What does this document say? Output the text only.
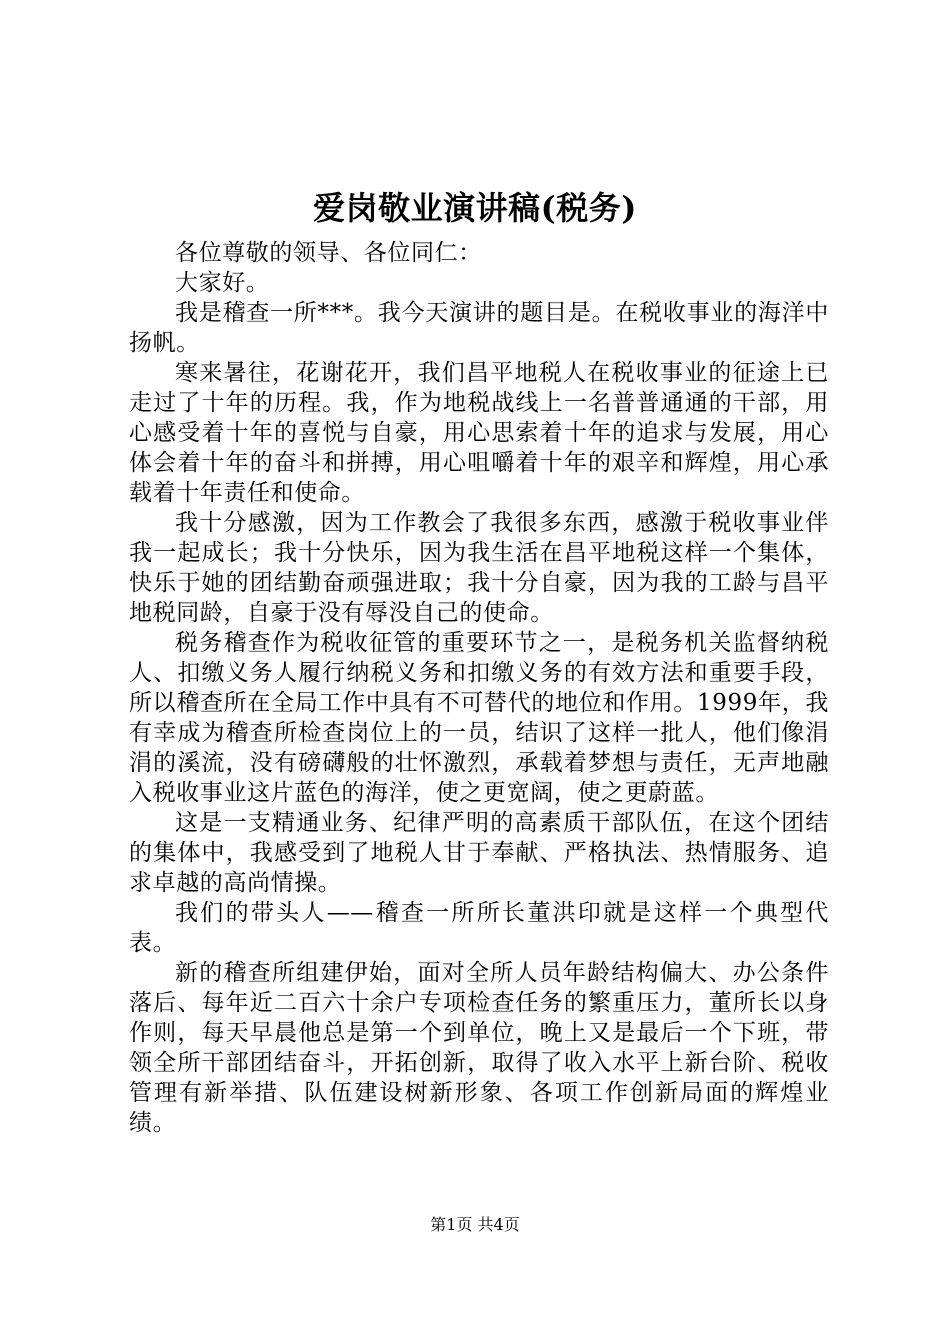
爱岗敬业演讲稿(税务)

各位尊敬的领导、各位同仁：

大家好。

我是稽查一所***。我今天演讲的题目是。在税收事业的海洋中扬帆。

寒来暑往，花谢花开，我们昌平地税人在税收事业的征途上已走过了十年的历程。我，作为地税战线上一名普普通通的干部，用心感受着十年的喜悦与自豪，用心思索着十年的追求与发展，用心体会着十年的奋斗和拼搏，用心咀嚼着十年的艰辛和辉煌，用心承载着十年责任和使命。

我十分感激，因为工作教会了我很多东西，感激于税收事业伴我一起成长；我十分快乐，因为我生活在昌平地税这样一个集体，快乐于她的团结勤奋顽强进取；我十分自豪，因为我的工龄与昌平地税同龄，自豪于没有辱没自己的使命。

税务稽查作为税收征管的重要环节之一，是税务机关监督纳税人、扣缴义务人履行纳税义务和扣缴义务的有效方法和重要手段，所以稽查所在全局工作中具有不可替代的地位和作用。1999年，我有幸成为稽查所检查岗位上的一员，结识了这样一批人，他们像涓涓的溪流，没有磅礴般的壮怀激烈，承载着梦想与责任，无声地融入税收事业这片蓝色的海洋，使之更宽阔，使之更蔚蓝。

这是一支精通业务、纪律严明的高素质干部队伍，在这个团结的集体中，我感受到了地税人甘于奉献、严格执法、热情服务、追求卓越的高尚情操。

我们的带头人——稽查一所所长董洪印就是这样一个典型代表。

新的稽查所组建伊始，面对全所人员年龄结构偏大、办公条件落后、每年近二百六十余户专项检查任务的繁重压力，董所长以身作则，每天早晨他总是第一个到单位，晚上又是最后一个下班，带领全所干部团结奋斗，开拓创新，取得了收入水平上新台阶、税收管理有新举措、队伍建设树新形象、各项工作创新局面的辉煌业绩。

第1页 共4页
